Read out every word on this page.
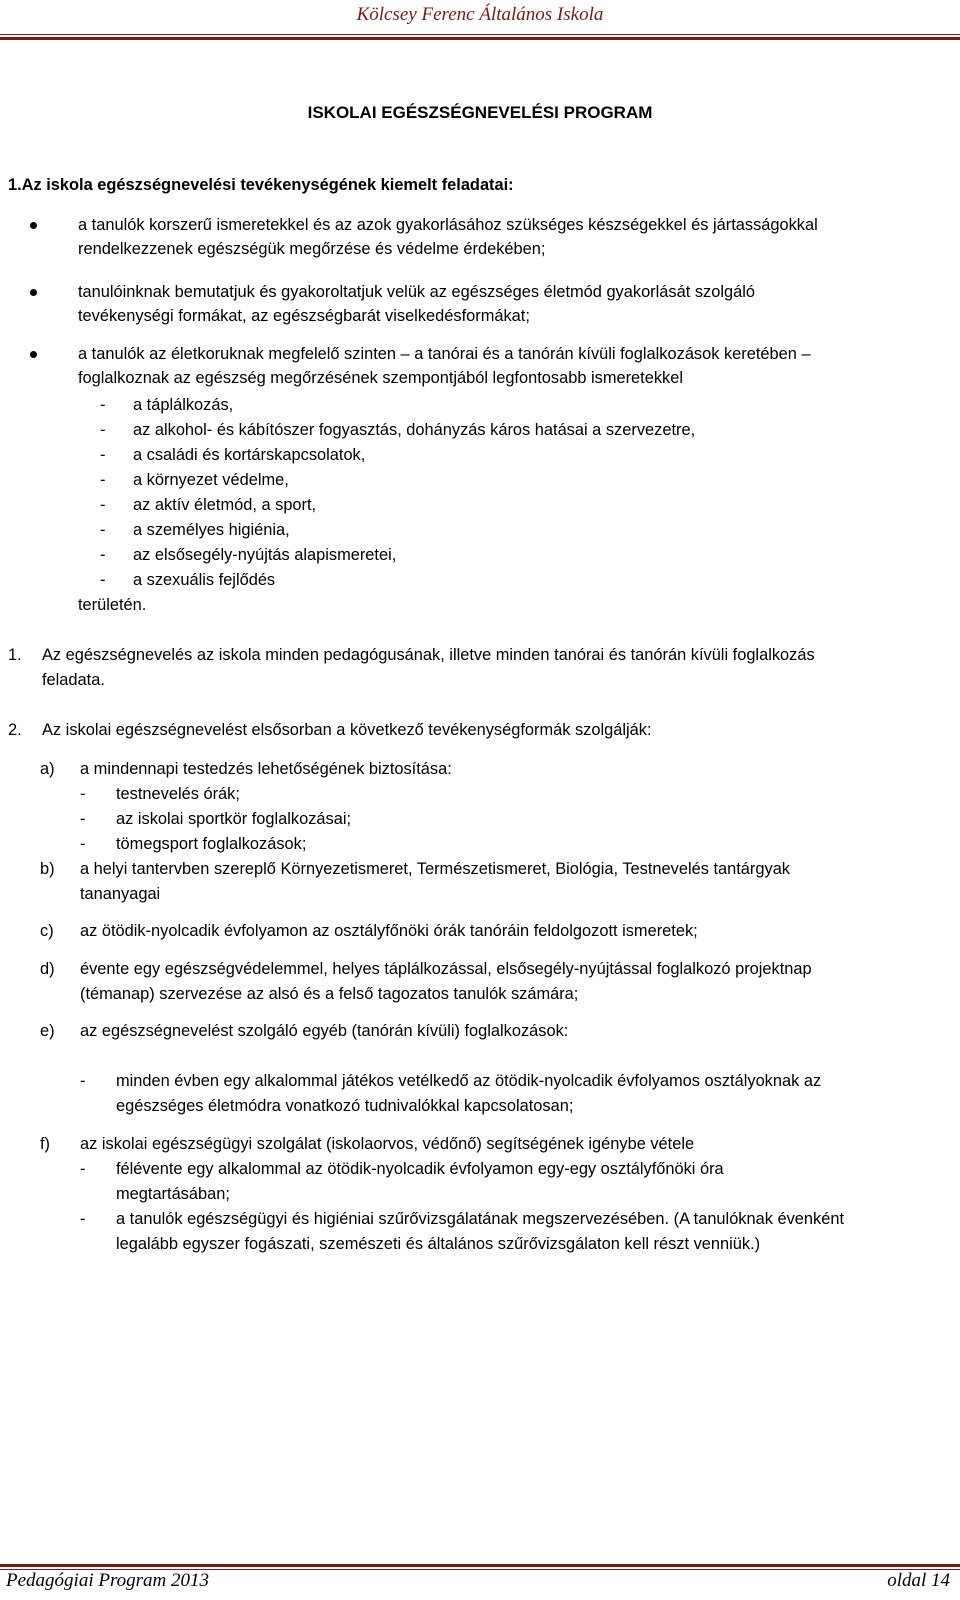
Kölcsey Ferenc Általános Iskola
ISKOLAI EGÉSZSÉGNEVELÉSI PROGRAM
1.Az iskola egészségnevelési tevékenységének kiemelt feladatai:
a tanulók korszerű ismeretekkel és az azok gyakorlásához szükséges készségekkel és jártasságokkal
rendelkezzenek egészségük megőrzése és védelme érdekében;
tanulóinknak bemutatjuk és gyakoroltatjuk velük az egészséges életmód gyakorlását szolgáló
tevékenységi formákat, az egészségbarát viselkedésformákat;
a tanulók az életkoruknak megfelelő szinten – a tanórai és a tanórán kívüli foglalkozások keretében –
foglalkoznak az egészség megőrzésének szempontjából legfontosabb ismeretekkel
- a táplálkozás,
- az alkohol- és kábítószer fogyasztás, dohányzás káros hatásai a szervezetre,
- a családi és kortárskapcsolatok,
- a környezet védelme,
- az aktív életmód, a sport,
- a személyes higiénia,
- az elsősegély-nyújtás alapismeretei,
- a szexuális fejlődés
területén.
1. Az egészségnevelés az iskola minden pedagógusának, illetve minden tanórai és tanórán kívüli foglalkozás
feladata.
2. Az iskolai egészségnevelést elsősorban a következő tevékenységformák szolgálják:
a) a mindennapi testedzés lehetőségének biztosítása:
- testnevelés órák;
- az iskolai sportkör foglalkozásai;
- tömegsport foglalkozások;
b) a helyi tantervben szereplő Környezetismeret, Természetismeret, Biológia, Testnevelés tantárgyak
tananyagai
c) az ötödik-nyolcadik évfolyamon az osztályfőnöki órák tanóráin feldolgozott ismeretek;
d) évente egy egészségvédelemmel, helyes táplálkozással, elsősegély-nyújtással foglalkozó projektnap
(témanap) szervezése az alsó és a felső tagozatos tanulók számára;
e) az egészségnevelést szolgáló egyéb (tanórán kívüli) foglalkozások:
- minden évben egy alkalommal játékos vetélkedő az ötödik-nyolcadik évfolyamos osztályoknak az
egészséges életmódra vonatkozó tudnivalókkal kapcsolatosan;
f) az iskolai egészségügyi szolgálat (iskolaorvos, védőnő) segítségének igénybe vétele
- félévente egy alkalommal az ötödik-nyolcadik évfolyamon egy-egy osztályfőnöki óra
megtartásában;
- a tanulók egészségügyi és higiéniai szűrővizsgálatának megszervezésében. (A tanulóknak évenként
legalább egyszer fogászati, szemészeti és általános szűrővizsgálaton kell részt venniük.)
Pedagógiai Program 2013	oldal 14
